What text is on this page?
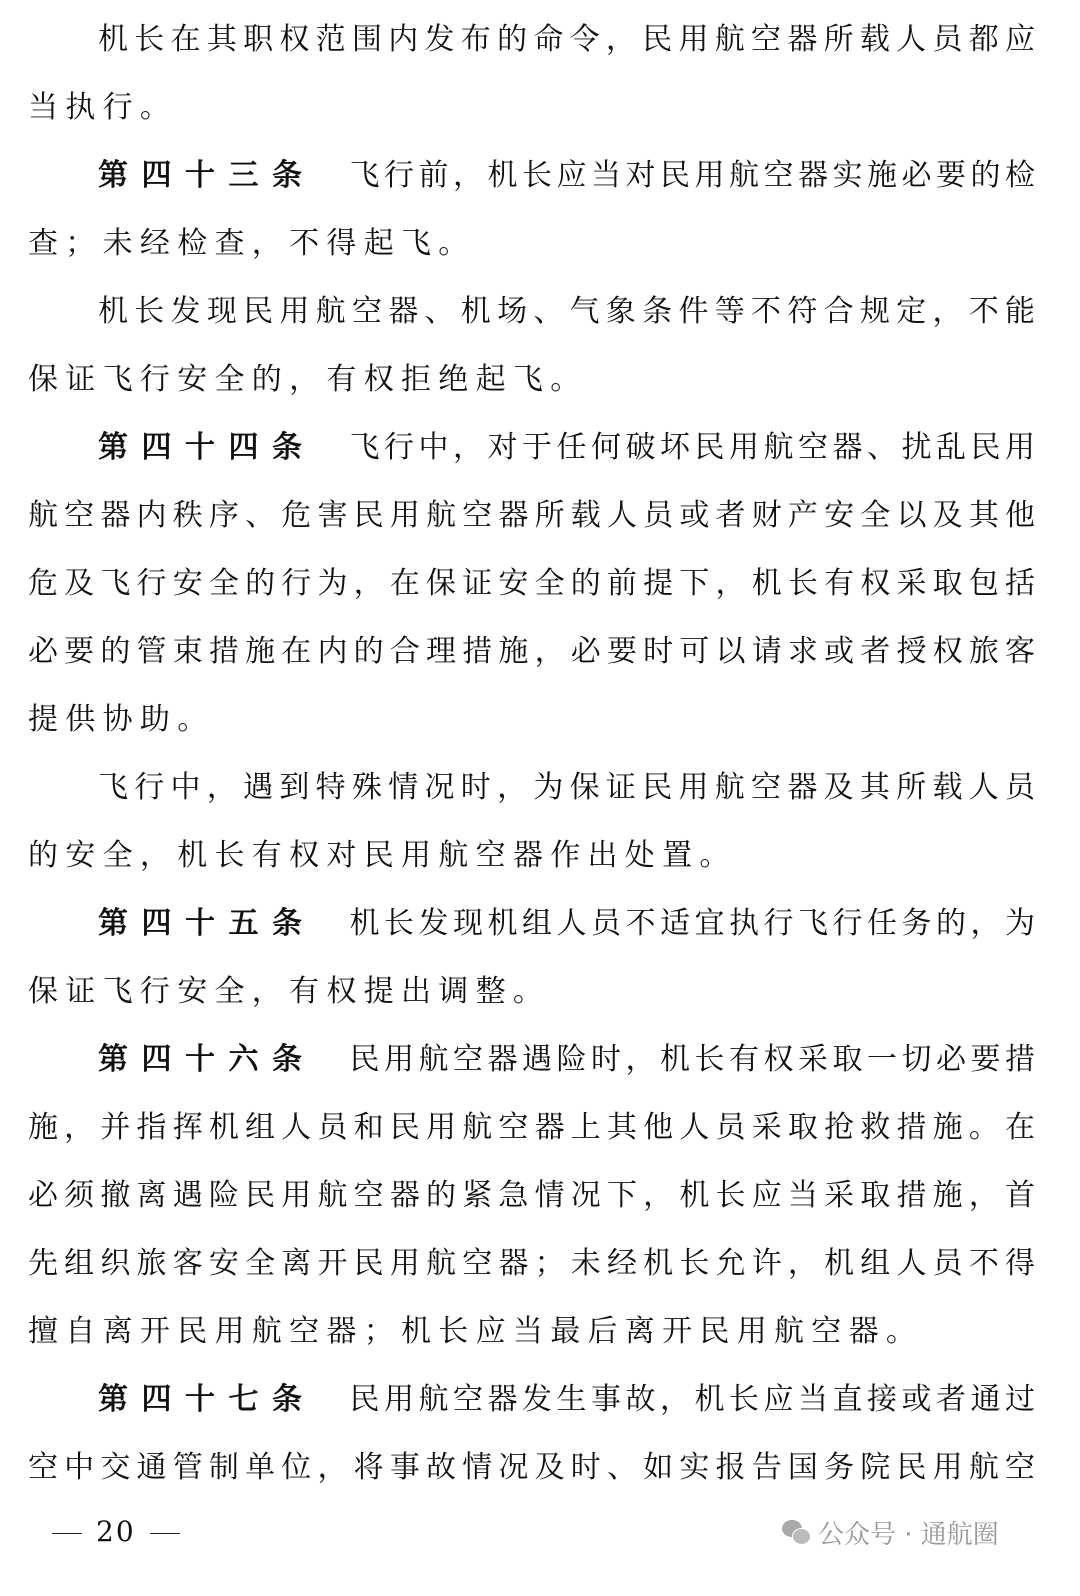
机长在其职权范围内发布的命令，民用航空器所载人员都应
当执行。
第四十三条 飞行前，机长应当对民用航空器实施必要的检
查；未经检查，不得起飞。
机长发现民用航空器、机场、气象条件等不符合规定，不能
保证飞行安全的，有权拒绝起飞。
第四十四条 飞行中，对于任何破坏民用航空器、扰乱民用
航空器内秩序、危害民用航空器所载人员或者财产安全以及其他
危及飞行安全的行为，在保证安全的前提下，机长有权采取包括
必要的管束措施在内的合理措施，必要时可以请求或者授权旅客
提供协助。
飞行中，遇到特殊情况时，为保证民用航空器及其所载人员
的安全，机长有权对民用航空器作出处置。
第四十五条 机长发现机组人员不适宜执行飞行任务的，为
保证飞行安全，有权提出调整。
第四十六条 民用航空器遇险时，机长有权采取一切必要措
施，并指挥机组人员和民用航空器上其他人员采取抢救措施。在
必须撤离遇险民用航空器的紧急情况下，机长应当采取措施，首
先组织旅客安全离开民用航空器；未经机长允许，机组人员不得
擅自离开民用航空器；机长应当最后离开民用航空器。
第四十七条 民用航空器发生事故，机长应当直接或者通过
空中交通管制单位，将事故情况及时、如实报告国务院民用航空
20	公众号 · 通航圈
